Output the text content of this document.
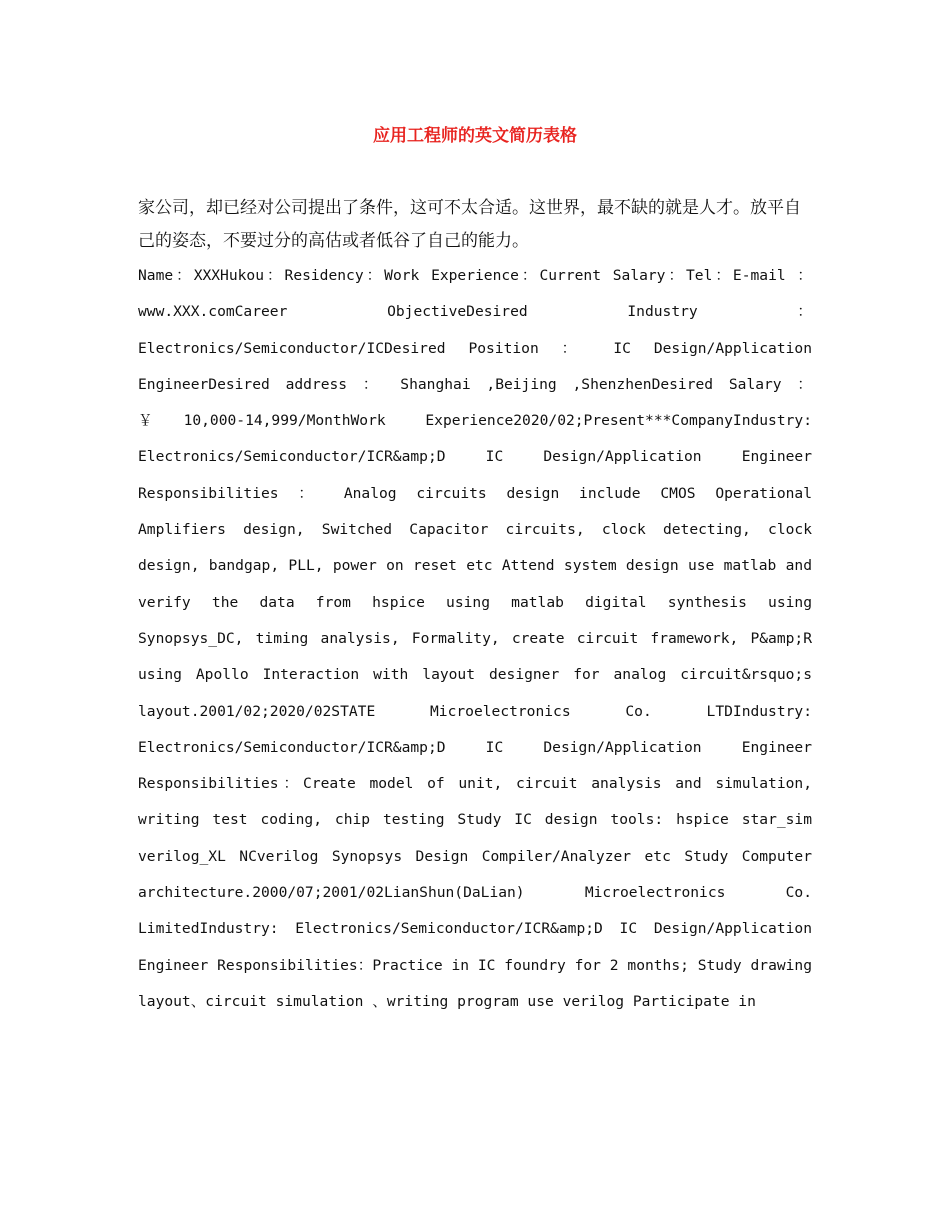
应用工程师的英文简历表格
家公司，却已经对公司提出了条件，这可不太合适。这世界，最不缺的就是人才。放平自己的姿态，不要过分的高估或者低谷了自己的能力。
Name：XXXHukou：Residency：Work Experience：Current Salary：Tel：E-mail ： www.XXX.comCareer ObjectiveDesired Industry ： Electronics/Semiconductor/ICDesired Position ： IC Design/Application EngineerDesired address ： Shanghai ,Beijing ,ShenzhenDesired Salary ： ￥10,000-14,999/MonthWork Experience2020/02;Present***CompanyIndustry: Electronics/Semiconductor/ICR&amp;D IC Design/Application Engineer Responsibilities ： Analog circuits design include CMOS Operational Amplifiers design, Switched Capacitor circuits, clock detecting, clock design, bandgap, PLL, power on reset etc Attend system design use matlab and verify the data from hspice using matlab digital synthesis using Synopsys_DC, timing analysis, Formality, create circuit framework, P&amp;R using Apollo Interaction with layout designer for analog circuit&rsquo;s layout.2001/02;2020/02STATE Microelectronics Co. LTDIndustry: Electronics/Semiconductor/ICR&amp;D IC Design/Application Engineer Responsibilities：Create model of unit, circuit analysis and simulation, writing test coding, chip testing Study IC design tools: hspice star_sim verilog_XL NCverilog Synopsys Design Compiler/Analyzer etc Study Computer architecture.2000/07;2001/02LianShun(DaLian) Microelectronics Co. LimitedIndustry: Electronics/Semiconductor/ICR&amp;D IC Design/Application Engineer Responsibilities：Practice in IC foundry for 2 months; Study drawing layout、circuit simulation 、writing program use verilog Participate in
